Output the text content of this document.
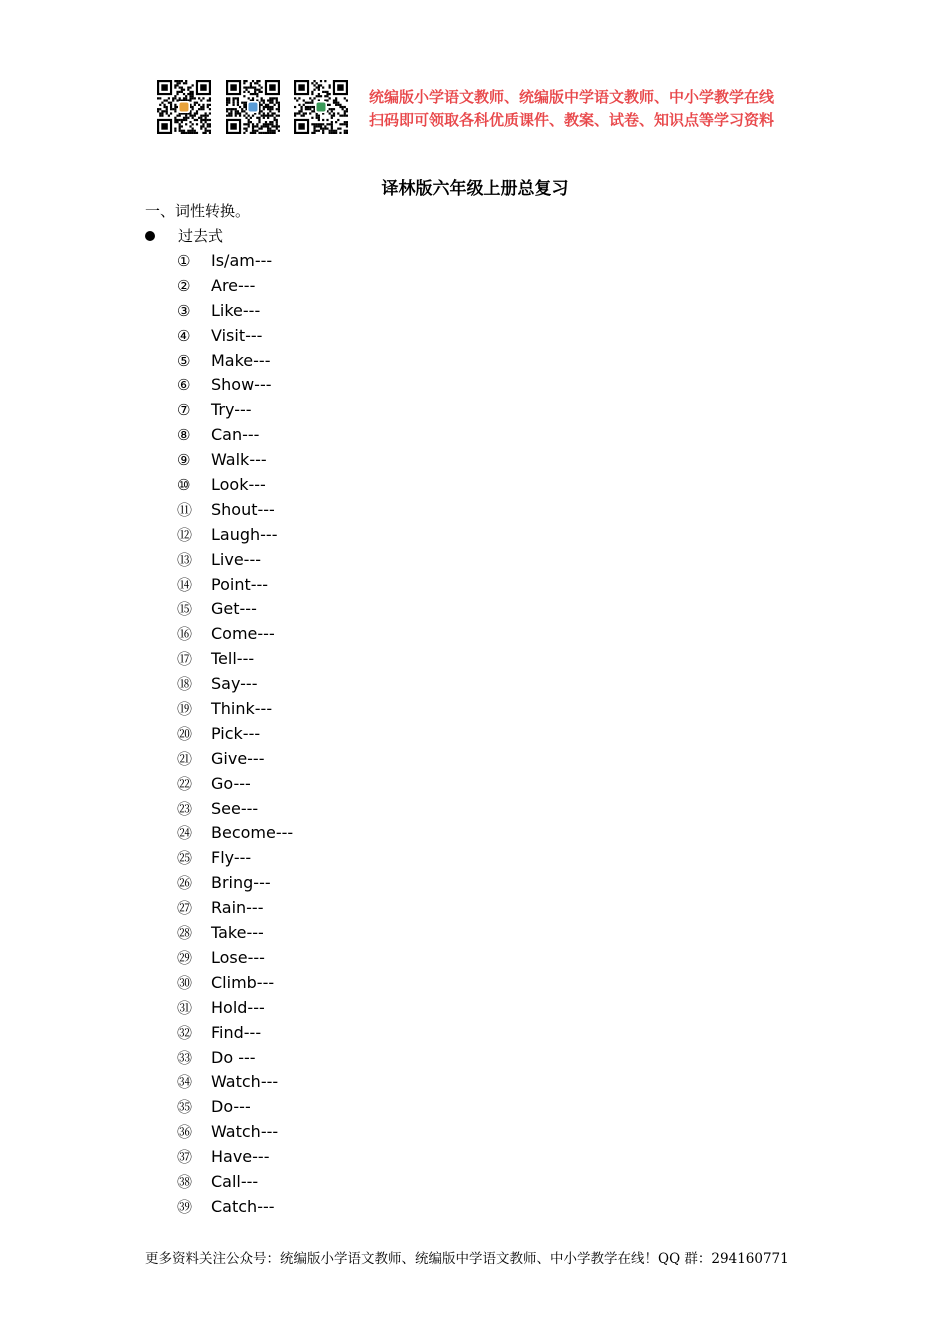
统编版小学语文教师、统编版中学语文教师、中小学教学在线
扫码即可领取各科优质课件、教案、试卷、知识点等学习资料
译林版六年级上册总复习
一、词性转换。
过去式
① Is/am---
② Are---
③ Like---
④ Visit---
⑤ Make---
⑥ Show---
⑦ Try---
⑧ Can---
⑨ Walk---
⑩ Look---
⑪ Shout---
⑫ Laugh---
⑬ Live---
⑭ Point---
⑮ Get---
⑯ Come---
⑰ Tell---
⑱ Say---
⑲ Think---
⑳ Pick---
㉑ Give---
㉒ Go---
㉓ See---
㉔ Become---
㉕ Fly---
㉖ Bring---
㉗ Rain---
㉘ Take---
㉙ Lose---
㉚ Climb---
㉛ Hold---
㉜ Find---
㉝ Do ---
㉞ Watch---
㉟ Do---
㊱ Watch---
㊲ Have---
㊳ Call---
㊴ Catch---
更多资料关注公众号：统编版小学语文教师、统编版中学语文教师、中小学教学在线！QQ 群：294160771
